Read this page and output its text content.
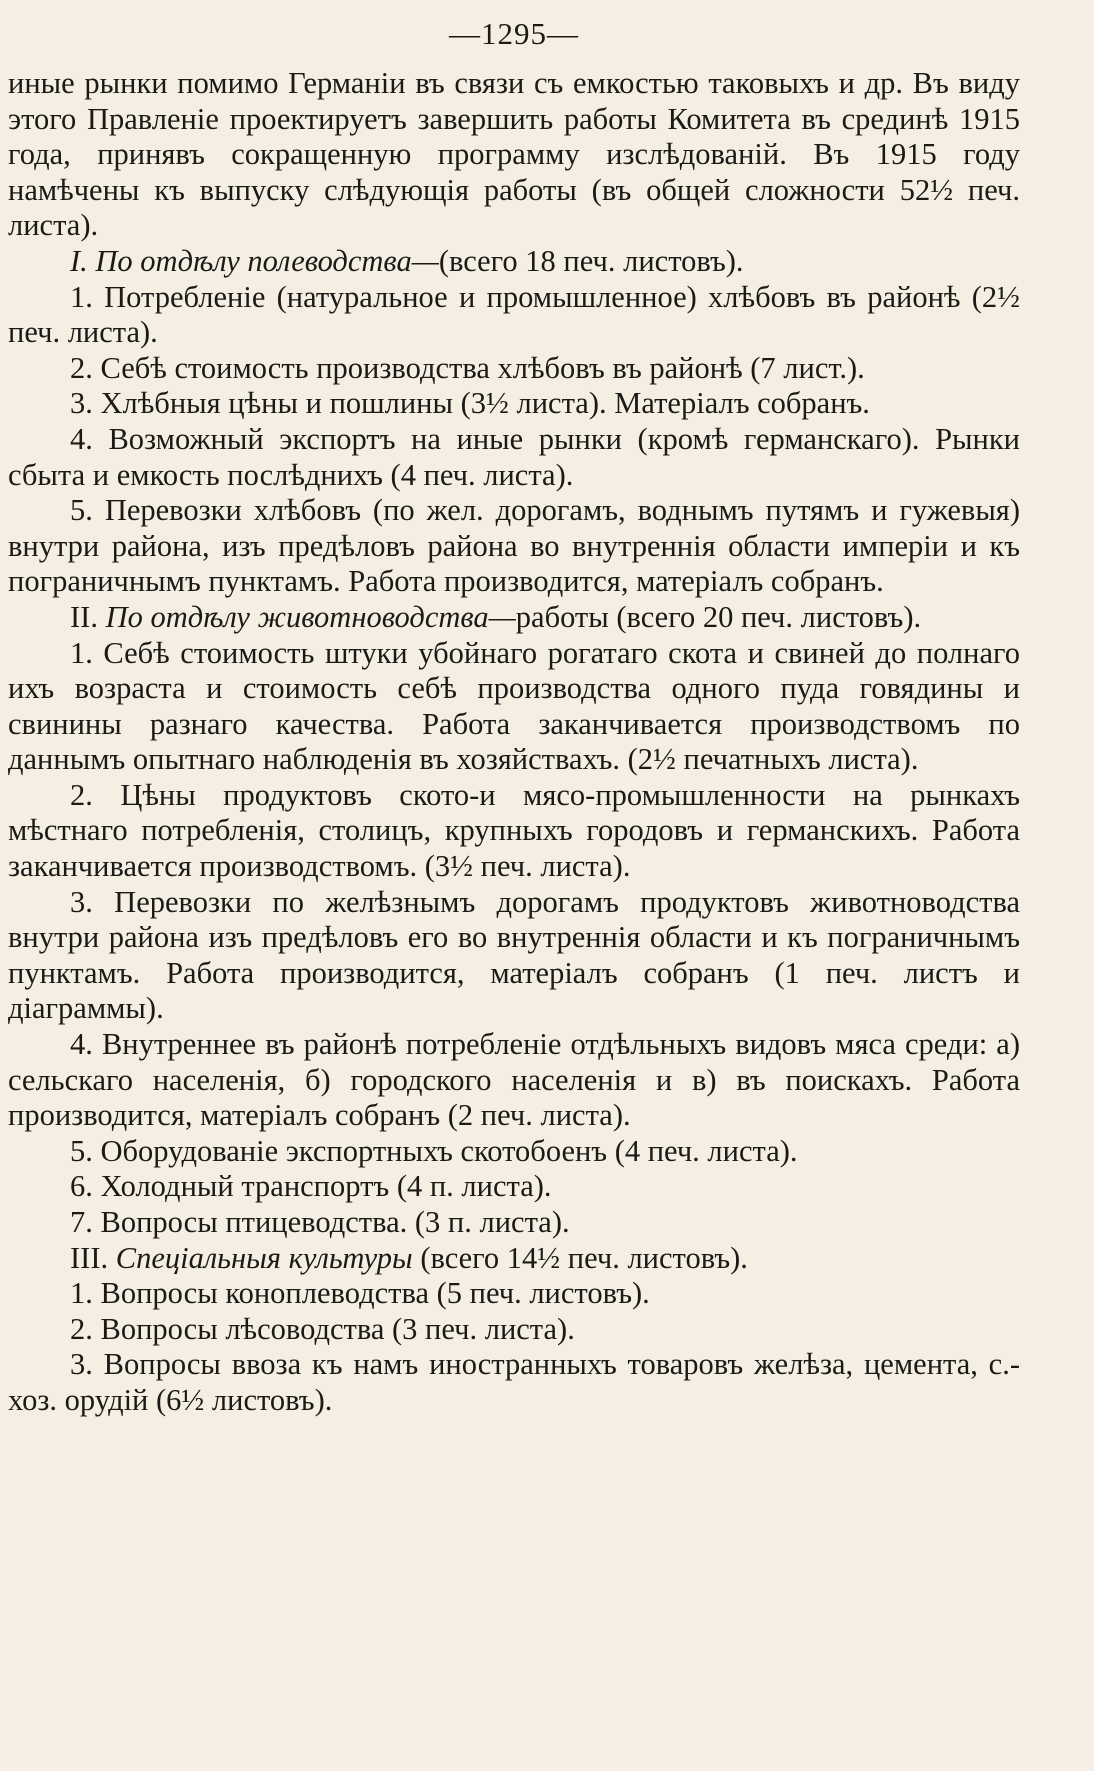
—1295—

иные рынки помимо Германіи въ связи съ емкостью таковыхъ и др. Въ виду этого Правленіе проектируетъ завершить работы Комитета въ срединѣ 1915 года, принявъ сокращенную программу изслѣдованій. Въ 1915 году намѣчены къ выпуску слѣдующія работы (въ общей сложности 52½ печ. листа).

I. По отдѣлу полеводства—(всего 18 печ. листовъ).

1. Потребленіе (натуральное и промышленное) хлѣбовъ въ районѣ (2½ печ. листа).

2. Себѣ стоимость производства хлѣбовъ въ районѣ (7 лист.).

3. Хлѣбныя цѣны и пошлины (3½ листа). Матеріалъ собранъ.

4. Возможный экспортъ на иные рынки (кромѣ германскаго). Рынки сбыта и емкость послѣднихъ (4 печ. листа).

5. Перевозки хлѣбовъ (по жел. дорогамъ, воднымъ путямъ и гужевыя) внутри района, изъ предѣловъ района во внутреннія области имперіи и къ пограничнымъ пунктамъ. Работа производится, матеріалъ собранъ.

II. По отдѣлу животноводства—работы (всего 20 печ. листовъ).

1. Себѣ стоимость штуки убойнаго рогатаго скота и свиней до полнаго ихъ возраста и стоимость себѣ производства одного пуда говядины и свинины разнаго качества. Работа заканчивается производствомъ по даннымъ опытнаго наблюденія въ хозяйствахъ. (2½ печатныхъ листа).

2. Цѣны продуктовъ ското-и мясо-промышленности на рынкахъ мѣстнаго потребленія, столицъ, крупныхъ городовъ и германскихъ. Работа заканчивается производствомъ. (3½ печ. листа).

3. Перевозки по желѣзнымъ дорогамъ продуктовъ животноводства внутри района изъ предѣловъ его во внутреннія области и къ пограничнымъ пунктамъ. Работа производится, матеріалъ собранъ (1 печ. листъ и діаграммы).

4. Внутреннее въ районѣ потребленіе отдѣльныхъ видовъ мяса среди: а) сельскаго населенія, б) городского населенія и в) въ поискахъ. Работа производится, матеріалъ собранъ (2 печ. листа).

5. Оборудованіе экспортныхъ скотобоенъ (4 печ. листа).

6. Холодный транспортъ (4 п. листа).

7. Вопросы птицеводства. (3 п. листа).

III. Спеціальныя культуры (всего 14½ печ. листовъ).

1. Вопросы коноплеводства (5 печ. листовъ).

2. Вопросы лѣсоводства (3 печ. листа).

3. Вопросы ввоза къ намъ иностранныхъ товаровъ желѣза, цемента, с.-хоз. орудій (6½ листовъ).
